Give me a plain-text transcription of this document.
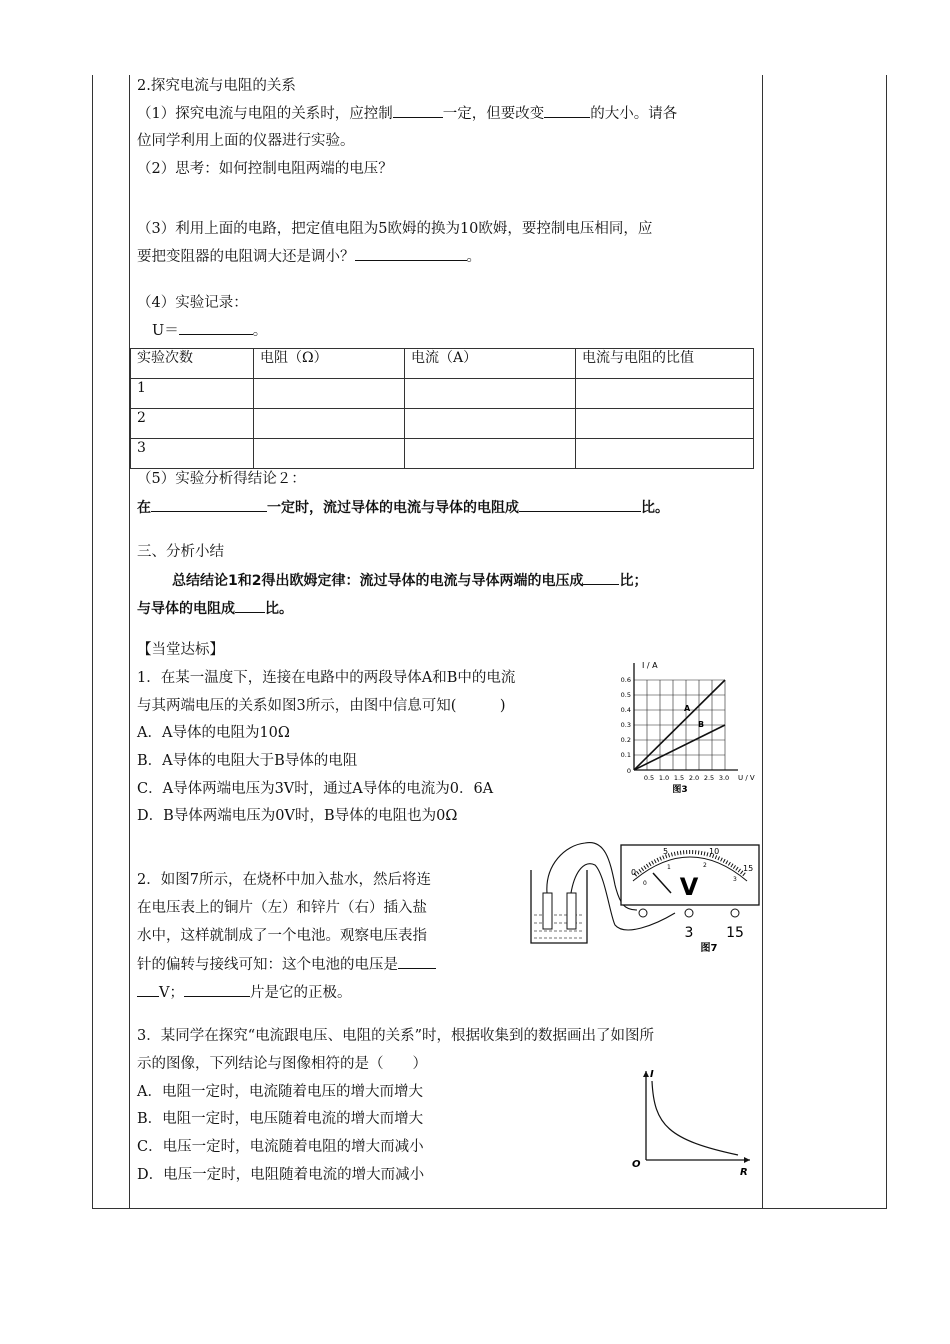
2.探究电流与电阻的关系
（1）探究电流与电阻的关系时，应控制	一定，但要改变	的大小。请各
位同学利用上面的仪器进行实验。
（2）思考：如何控制电阻两端的电压？
（3）利用上面的电路，把定值电阻为5欧姆的换为10欧姆，要控制电压相同，应
要把变阻器的电阻调大还是调小？	。
（4）实验记录：
U＝	。
实验次数	电阻（Ω）	电流（A）	电流与电阻的比值
1			
2			
3			
（5）实验分析得结论２：
在	一定时，流过导体的电流与导体的电阻成	比。
三、分析小结
总结结论1和2得出欧姆定律：流过导体的电流与导体两端的电压成	比；
与导体的电阻成 比。
【当堂达标】
1．在某一温度下，连接在电路中的两段导体A和B中的电流
与其两端电压的关系如图3所示，由图中信息可知(　　　)
A．A导体的电阻为10Ω
B．A导体的电阻大于B导体的电阻
C．A导体两端电压为3V时，通过A导体的电流为0．6A
D．B导体两端电压为0V时，B导体的电阻也为0Ω
I / A
U / V
0.6
0.5
0.4
0.3
0.2
0.1
0
0.5 1.0 1.5 2.0 2.5 3.0
A
B
图3
2．如图7所示，在烧杯中加入盐水，然后将连
在电压表上的铜片（左）和锌片（右）插入盐
水中，这样就制成了一个电池。观察电压表指
针的偏转与接线可知：这个电池的电压是
V；	片是它的正极。
0
5	10
15
0
1	2
3
V
3 15
图7
3．某同学在探究“电流跟电压、电阻的关系”时，根据收集到的数据画出了如图所
示的图像，下列结论与图像相符的是（　　）
A．电阻一定时，电流随着电压的增大而增大
B．电阻一定时，电压随着电流的增大而增大
C．电压一定时，电流随着电阻的增大而减小
D．电压一定时，电阻随着电流的增大而减小
I
R
O
